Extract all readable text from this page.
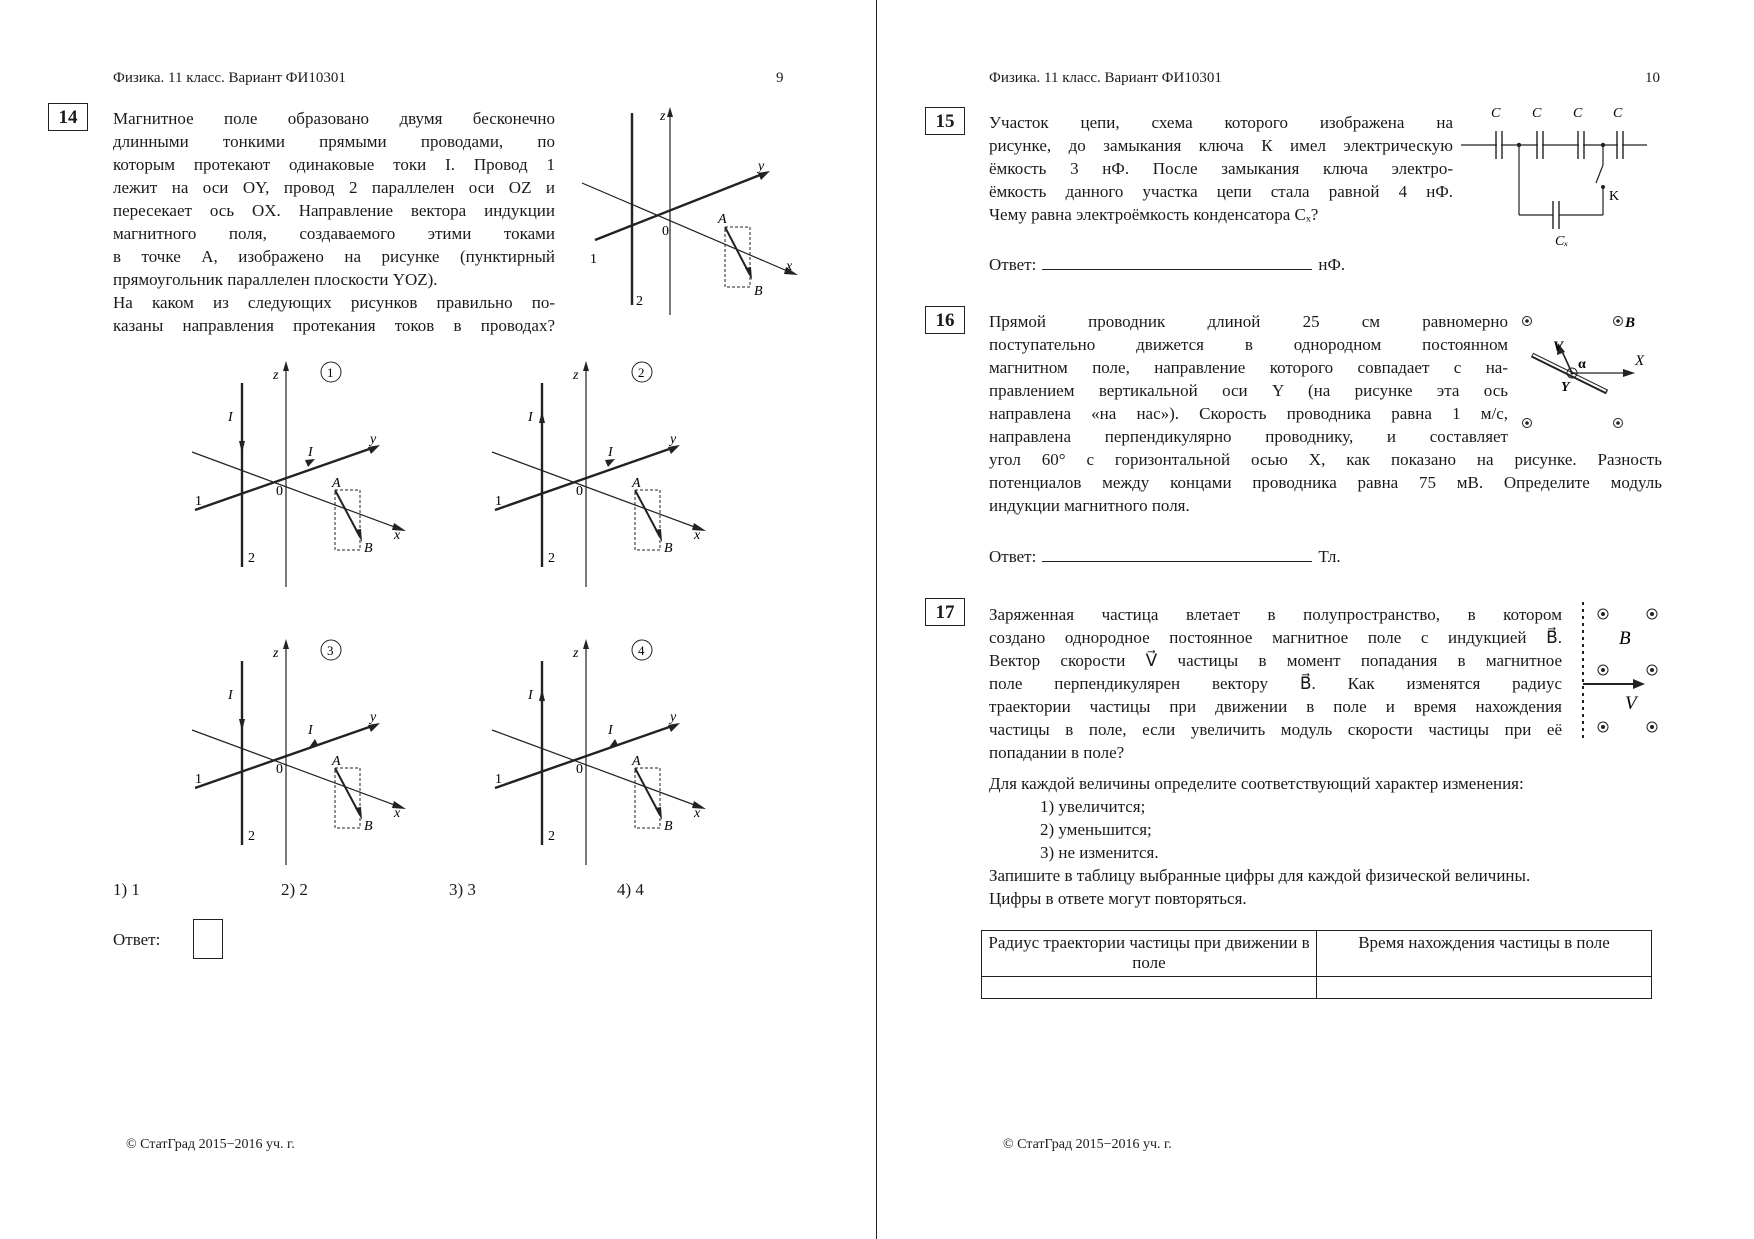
Физика. 11 класс. Вариант ФИ10301	9
14	Магнитное поле образовано двумя бесконечно

длинными тонкими прямыми проводами, по

которым протекают одинаковые токи I. Провод 1

лежит на оси OY, провод 2 параллелен оси OZ и

пересекает ось OX. Направление вектора индукции

магнитного поля, создаваемого этими токами

в точке A, изображено на рисунке (пунктирный

прямоугольник параллелен плоскости YOZ).

На каком из следующих рисунков правильно по-

казаны направления протекания токов в проводах?

z
y
x
0
1
2
A
B⃗
z	1
y
I
x
I
0
1
2
A
B⃗
z	2
y
I
x
I
0
1
2
A
B⃗
z	3
y
I
x
I
0
1
2
A
B⃗
z	4
y
I
x
I
0
1
2
A
B⃗
1) 1	2) 2	3) 3	4) 4
Ответ:
© СтатГрад 2015−2016 уч. г.
Физика. 11 класс. Вариант ФИ10301	10
15	Участок цепи, схема которого изображена на

рисунке, до замыкания ключа К имел электрическую

ёмкость 3 нФ. После замыкания ключа электро-

ёмкость данного участка цепи стала равной 4 нФ.

Чему равна электроёмкость конденсатора Cₓ?

C C C C
K
Cₓ
Ответ:	нФ.
16	Прямой проводник длиной 25 см равномерно

поступательно движется в однородном постоянном

магнитном поле, направление которого совпадает с на-

правлением вертикальной оси Y (на рисунке эта ось

направлена «на нас»). Скорость проводника равна 1 м/с,

направлена перпендикулярно проводнику, и составляет

угол 60° с горизонтальной осью X, как показано на рисунке. Разность

потенциалов между концами проводника равна 75 мВ. Определите модуль

индукции магнитного поля.

B⃗
X
V⃗
α
Y
Ответ:	Тл.
17	Заряженная частица влетает в полупространство, в котором

создано однородное постоянное магнитное поле с индукцией B⃗.

Вектор скорости V⃗ частицы в момент попадания в магнитное

поле перпендикулярен вектору B⃗. Как изменятся радиус

траектории частицы при движении в поле и время нахождения

частицы в поле, если увеличить модуль скорости частицы при её

попадании в поле?

B⃗
V⃗
Для каждой величины определите соответствующий характер изменения:
1) увеличится;
2) уменьшится;
3) не изменится.
Запишите в таблицу выбранные цифры для каждой физической величины.
Цифры в ответе могут повторяться.
Радиус траектории частицы при движении в поле	Время нахождения частицы в поле

© СтатГрад 2015−2016 уч. г.
